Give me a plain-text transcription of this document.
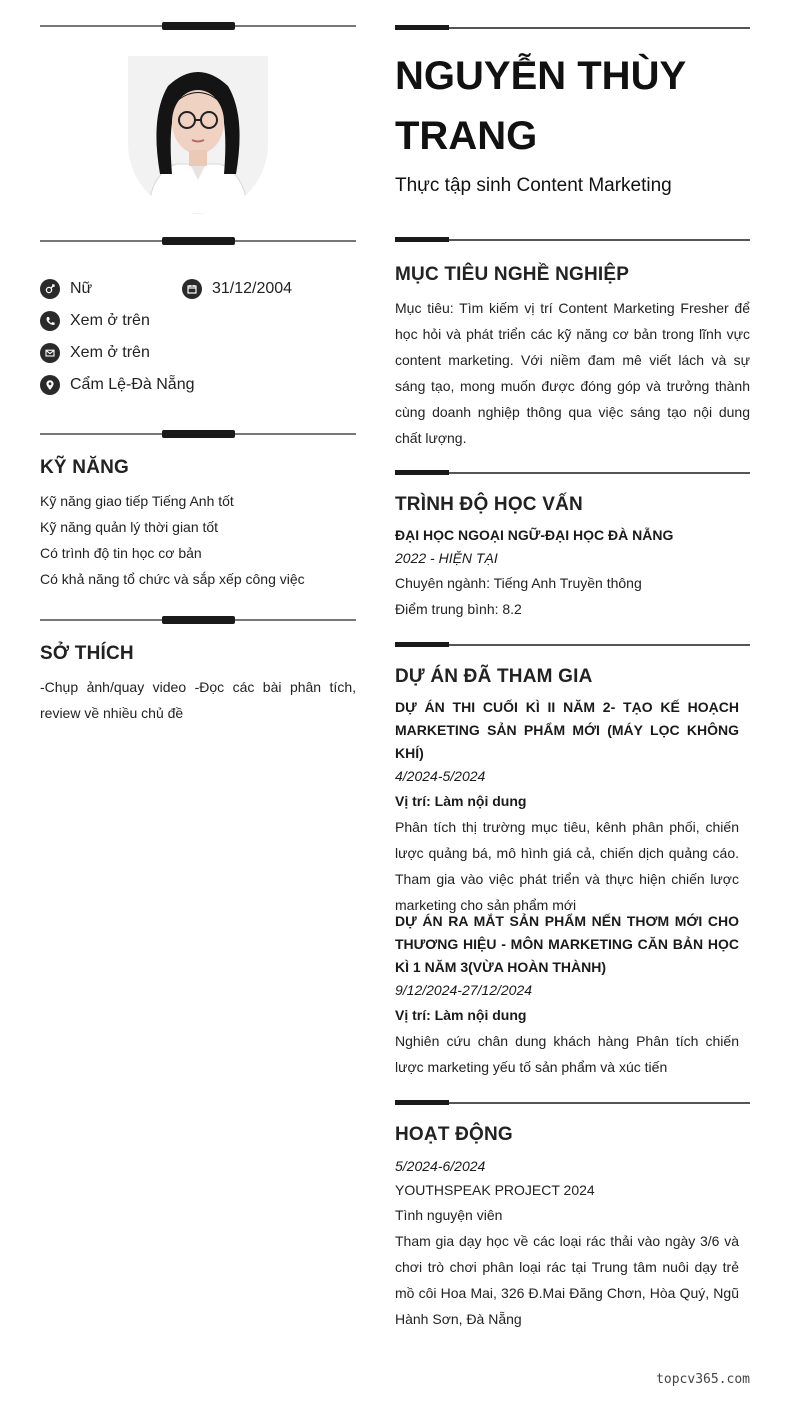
Nữ	31/12/2004
Xem ở trên
Xem ở trên
Cẩm Lệ-Đà Nẵng
KỸ NĂNG
Kỹ năng giao tiếp Tiếng Anh tốt
Kỹ năng quản lý thời gian tốt
Có trình độ tin học cơ bản
Có khả năng tổ chức và sắp xếp công việc
SỞ THÍCH
-Chụp ảnh/quay video -Đọc các bài phân tích, review về nhiều chủ đề
NGUYỄN THÙY TRANG
Thực tập sinh Content Marketing
MỤC TIÊU NGHỀ NGHIỆP
Mục tiêu: Tìm kiếm vị trí Content Marketing Fresher để học hỏi và phát triển các kỹ năng cơ bản trong lĩnh vực content marketing. Với niềm đam mê viết lách và sự sáng tạo, mong muốn được đóng góp và trưởng thành cùng doanh nghiệp thông qua việc sáng tạo nội dung chất lượng.
TRÌNH ĐỘ HỌC VẤN
ĐẠI HỌC NGOẠI NGỮ-ĐẠI HỌC ĐÀ NẴNG
2022 - HIỆN TẠI
Chuyên ngành: Tiếng Anh Truyền thông
Điểm trung bình: 8.2
DỰ ÁN ĐÃ THAM GIA
DỰ ÁN THI CUỐI KÌ II NĂM 2- TẠO KẾ HOẠCH MARKETING SẢN PHẨM MỚI (MÁY LỌC KHÔNG KHÍ)
4/2024-5/2024
Vị trí: Làm nội dung
Phân tích thị trường mục tiêu, kênh phân phối, chiến lược quảng bá, mô hình giá cả, chiến dịch quảng cáo. Tham gia vào việc phát triển và thực hiện chiến lược marketing cho sản phẩm mới
DỰ ÁN RA MẮT SẢN PHẨM NẾN THƠM MỚI CHO THƯƠNG HIỆU - MÔN MARKETING CĂN BẢN HỌC KÌ 1 NĂM 3(VỪA HOÀN THÀNH)
9/12/2024-27/12/2024
Vị trí: Làm nội dung
Nghiên cứu chân dung khách hàng Phân tích chiến lược marketing yếu tố sản phẩm và xúc tiến
HOẠT ĐỘNG
5/2024-6/2024
YOUTHSPEAK PROJECT 2024
Tình nguyện viên
Tham gia dạy học về các loại rác thải vào ngày 3/6 và chơi trò chơi phân loại rác tại Trung tâm nuôi dạy trẻ mồ côi Hoa Mai, 326 Đ.Mai Đăng Chơn, Hòa Quý, Ngũ Hành Sơn, Đà Nẵng
topcv365.com
